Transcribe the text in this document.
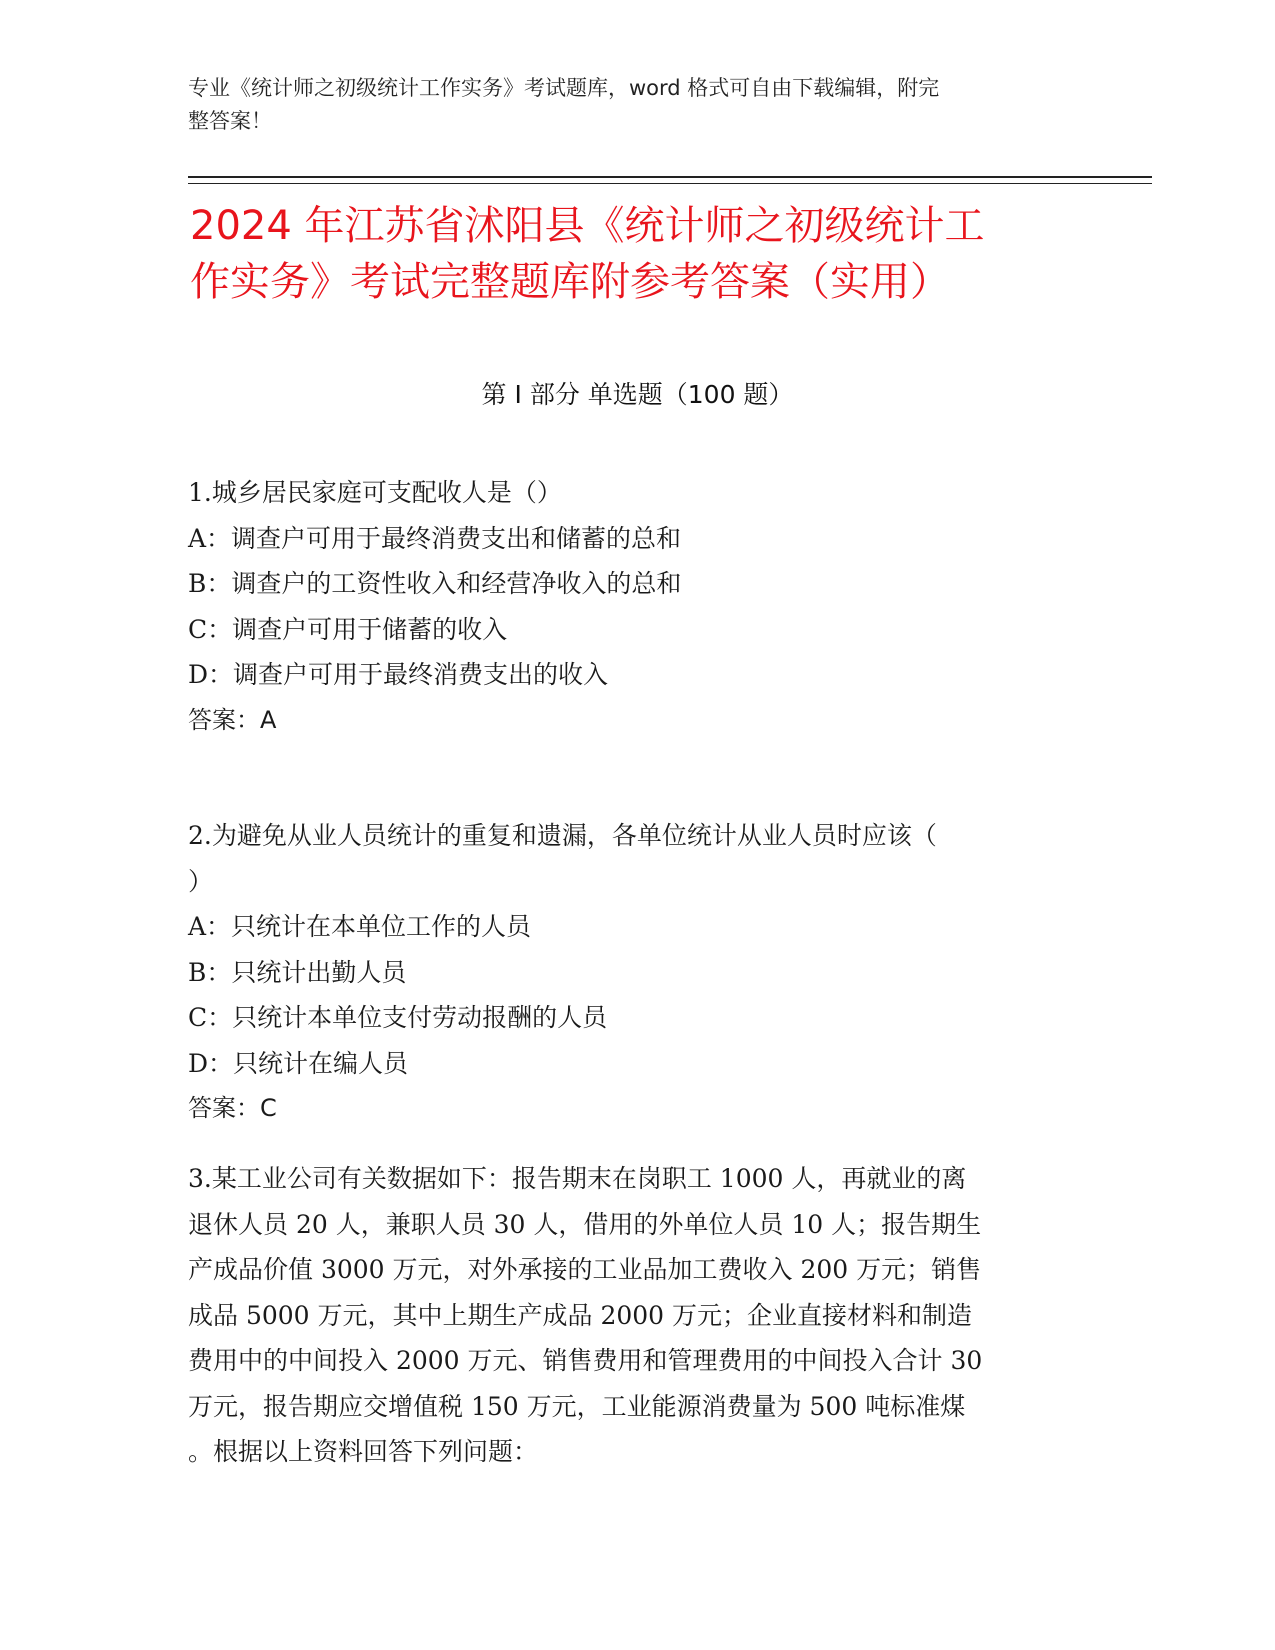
专业《统计师之初级统计工作实务》考试题库，word 格式可自由下载编辑，附完
整答案！
2024 年江苏省沭阳县《统计师之初级统计工
作实务》考试完整题库附参考答案（实用）
第 I 部分 单选题（100 题）
1.城乡居民家庭可支配收人是（）
A：调查户可用于最终消费支出和储蓄的总和
B：调查户的工资性收入和经营净收入的总和
C：调查户可用于储蓄的收入
D：调查户可用于最终消费支出的收入
答案：A
2.为避免从业人员统计的重复和遗漏，各单位统计从业人员时应该（
）
A：只统计在本单位工作的人员
B：只统计出勤人员
C：只统计本单位支付劳动报酬的人员
D：只统计在编人员
答案：C
3.某工业公司有关数据如下：报告期末在岗职工 1000 人，再就业的离
退休人员 20 人，兼职人员 30 人，借用的外单位人员 10 人；报告期生
产成品价值 3000 万元，对外承接的工业品加工费收入 200 万元；销售
成品 5000 万元，其中上期生产成品 2000 万元；企业直接材料和制造
费用中的中间投入 2000 万元、销售费用和管理费用的中间投入合计 30
万元，报告期应交增值税 150 万元，工业能源消费量为 500 吨标准煤
。根据以上资料回答下列问题：
